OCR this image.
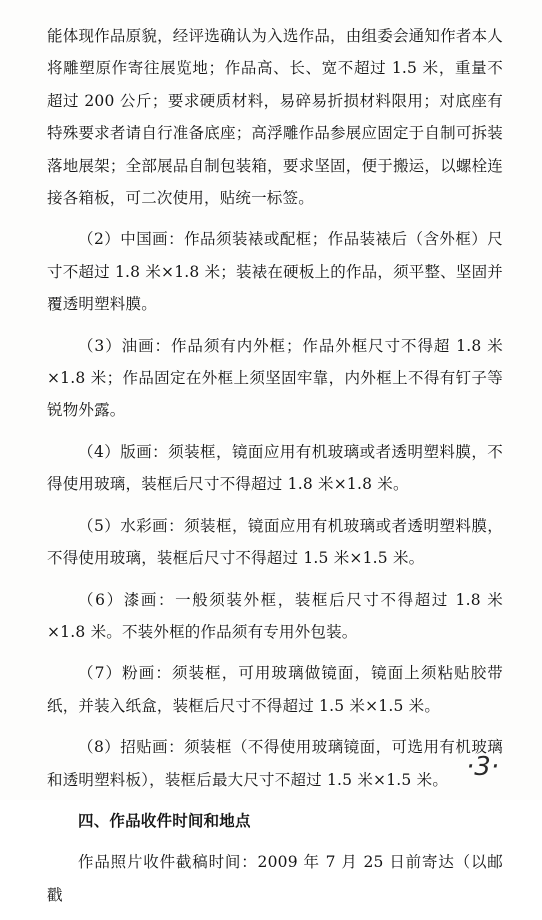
能体现作品原貌，经评选确认为入选作品，由组委会通知作者本人将雕塑原作寄往展览地；作品高、长、宽不超过 1.5 米，重量不超过 200 公斤；要求硬质材料，易碎易折损材料限用；对底座有特殊要求者请自行准备底座；高浮雕作品参展应固定于自制可拆装落地展架；全部展品自制包装箱，要求坚固，便于搬运，以螺栓连接各箱板，可二次使用，贴统一标签。

（2）中国画：作品须装裱或配框；作品装裱后（含外框）尺寸不超过 1.8 米×1.8 米；装裱在硬板上的作品，须平整、坚固并覆透明塑料膜。

（3）油画：作品须有内外框；作品外框尺寸不得超 1.8 米×1.8 米；作品固定在外框上须坚固牢靠，内外框上不得有钉子等锐物外露。

（4）版画：须装框，镜面应用有机玻璃或者透明塑料膜，不得使用玻璃，装框后尺寸不得超过 1.8 米×1.8 米。

（5）水彩画：须装框，镜面应用有机玻璃或者透明塑料膜，不得使用玻璃，装框后尺寸不得超过 1.5 米×1.5 米。

（6）漆画：一般须装外框，装框后尺寸不得超过 1.8 米×1.8 米。不装外框的作品须有专用外包装。

（7）粉画：须装框，可用玻璃做镜面，镜面上须粘贴胶带纸，并装入纸盒，装框后尺寸不得超过 1.5 米×1.5 米。

（8）招贴画：须装框（不得使用玻璃镜面，可选用有机玻璃和透明塑料板），装框后最大尺寸不超过 1.5 米×1.5 米。

四、作品收件时间和地点

作品照片收件截稿时间：2009 年 7 月 25 日前寄达（以邮戳

·3·
